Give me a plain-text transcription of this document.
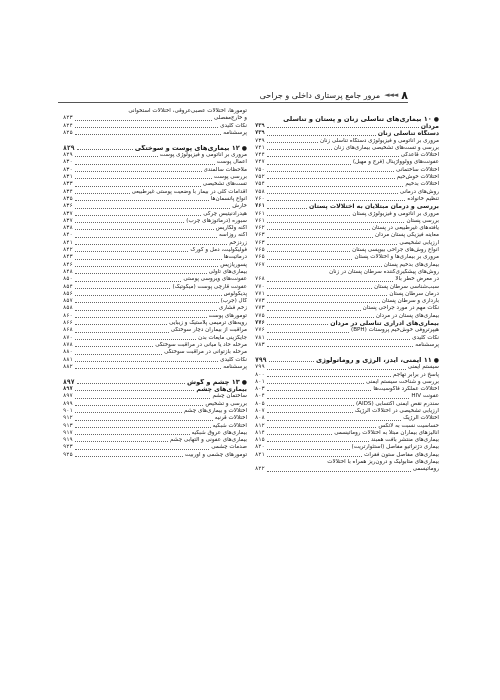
۸
◄◄◄
مرور جامع پرستاری داخلی و جراحی
●
۱۰ بیماری‌های تناسلی زنان و پستان و تناسلی
مردان
۷۳۹
دستگاه تناسلی زنان
۷۳۹
مروری بر آناتومی و فیزیولوژی دستگاه تناسلی زنان
۷۳۹
بررسی و تست‌های تشخیصی بیماری‌های زنان
۷۴۱
اختلالات قاعدگی
۷۴۴
عفونت‌های وولوواژینال (فرج و مهبل)
۷۴۷
اختلالات ساختمانی
۷۵۰
اختلالات خوش‌خیم
۷۵۲
اختلالات بدخیم
۷۵۴
روش‌های درمانی
۷۵۸
تنظیم خانواده
۷۶۰
بررسی و درمان مبتلایان به اختلالات پستان
۷۶۱
مروری بر آناتومی و فیزیولوژی پستان
۷۶۱
بررسی پستان
۷۶۱
یافته‌های غیرطبیعی در پستان
۷۶۲
معاینه فیزیکی پستان مردان
۷۶۳
ارزیابی تشخیصی
۷۶۳
انواع روش‌های جراحی بیوپسی پستان
۷۶۵
مروری بر بیماری‌ها و اختلالات پستان
۷۶۵
بیماری‌های بدخیم پستان
۷۶۷
روش‌های پیشگیری‌کننده سرطان پستان در زنان
در معرض خطر بالا
۷۶۸
سبب‌شناسی سرطان پستان
۷۷۰
درمان سرطان پستان
۷۷۱
بارداری و سرطان پستان
۷۷۳
نکات مهم در مورد جراحی پستان
۷۷۳
بیماری‌های پستان در مردان
۷۷۵
بیماری‌های ادراری تناسلی در مردان
۷۷۶
هیپرتروفی خوش‌خیم پروستات (BPH)
۷۷۶
نکات کلیدی
۷۸۱
پرسشنامه
۷۸۳
●
۱۱ ایمنی، ایدز، آلرژی و روماتولوژی
۷۹۹
سیستم ایمنی
۷۹۹
پاسخ در برابر تهاجم
۸۰۰
بررسی و شناخت سیستم ایمنی
۸۰۱
اختلالات عملکرد فاگوسیت‌ها
۸۰۳
عفونت HIV
۸۰۴
سندرم نقص ایمنی اکتسابی (AIDS)
۸۰۵
ارزیابی تشخیصی در اختلالات آلرژیک
۸۰۷
اختلالات آلرژیک
۸۰۸
حساسیت نسبت به لاتکس
۸۱۲
آنالیزهای بیماران مبتلا به اختلالات روماتیسمی
۸۱۴
بیماری‌های منتشر بافت همبند
۸۱۵
بیماری دژنراتیو مفاصل (استئوآرتریت)
۸۲۰
بیماری‌های مفاصل ستون فقرات
۸۲۱
بیماری‌های متابولیک و درون‌ریز همراه با اختلالات
روماتیسمی
۸۲۲
تومورها، اختلالات عصبی‌عروقی، اختلالات استخوانی
و خارج‌مفصلی
۸۲۳
نکات کلیدی
۸۲۴
پرسشنامه
۸۲۵
●
۱۲ بیماری‌های پوست و سوختگی
۸۲۹
مروری بر آناتومی و فیزیولوژی پوست
۸۲۹
اعمال پوست
۸۳۰
ملاحظات سالمندی
۸۳۰
بررسی پوست
۸۳۱
تست‌های تشخیصی
۸۳۳
اقدامات کلی در بیمار با وضعیت پوستی غیرطبیعی
۸۳۴
انواع پانسمان‌ها
۸۳۵
خارش
۸۳۶
هیدرادنیتیس چرکی
۸۳۷
سبوره (درماتوزهای چرب)
۸۳۷
آکنه ولگاریس
۸۳۸
آکنه روزاسه
۸۴۰
زردزخم
۸۴۱
فولیکولیت، دمل و کورک
۸۴۲
درماتیت‌ها
۸۴۳
پسوریازیس
۸۴۶
بیماری‌های تاولی
۸۴۸
عفونت‌های ویروسی پوستی
۸۵۰
عفونت قارچی پوست (میکوتیک)
۸۵۴
پدیکولوس
۸۵۶
گال (جرب)
۸۵۷
زخم فشاری
۸۵۸
تومورهای پوست
۸۶۰
رویه‌های ترمیمی پلاستیک و زیبایی
۸۶۶
مراقبت از بیماران دچار سوختگی
۸۶۸
جایگزینی مایعات بدن
۸۷۰
مرحله حاد یا میانی در مراقبت سوختگی
۸۷۸
مرحله بازتوانی در مراقبت سوختگی
۸۸۰
نکات کلیدی
۸۸۱
پرسشنامه
۸۸۲
●
۱۳ چشم و گوش
۸۹۷
بیماری‌های چشم
۸۹۷
ساختمان چشم
۸۹۷
بررسی و تشخیص
۸۹۹
اختلالات و بیماری‌های چشم
۹۰۱
اختلالات قرنیه
۹۱۲
اختلالات شبکیه
۹۱۳
بیماری‌های عروق شبکیه
۹۱۷
بیماری‌های عفونی و التهابی چشم
۹۱۹
صدمات چشمی
۹۲۳
تومورهای چشمی و اوربیت
۹۲۵
